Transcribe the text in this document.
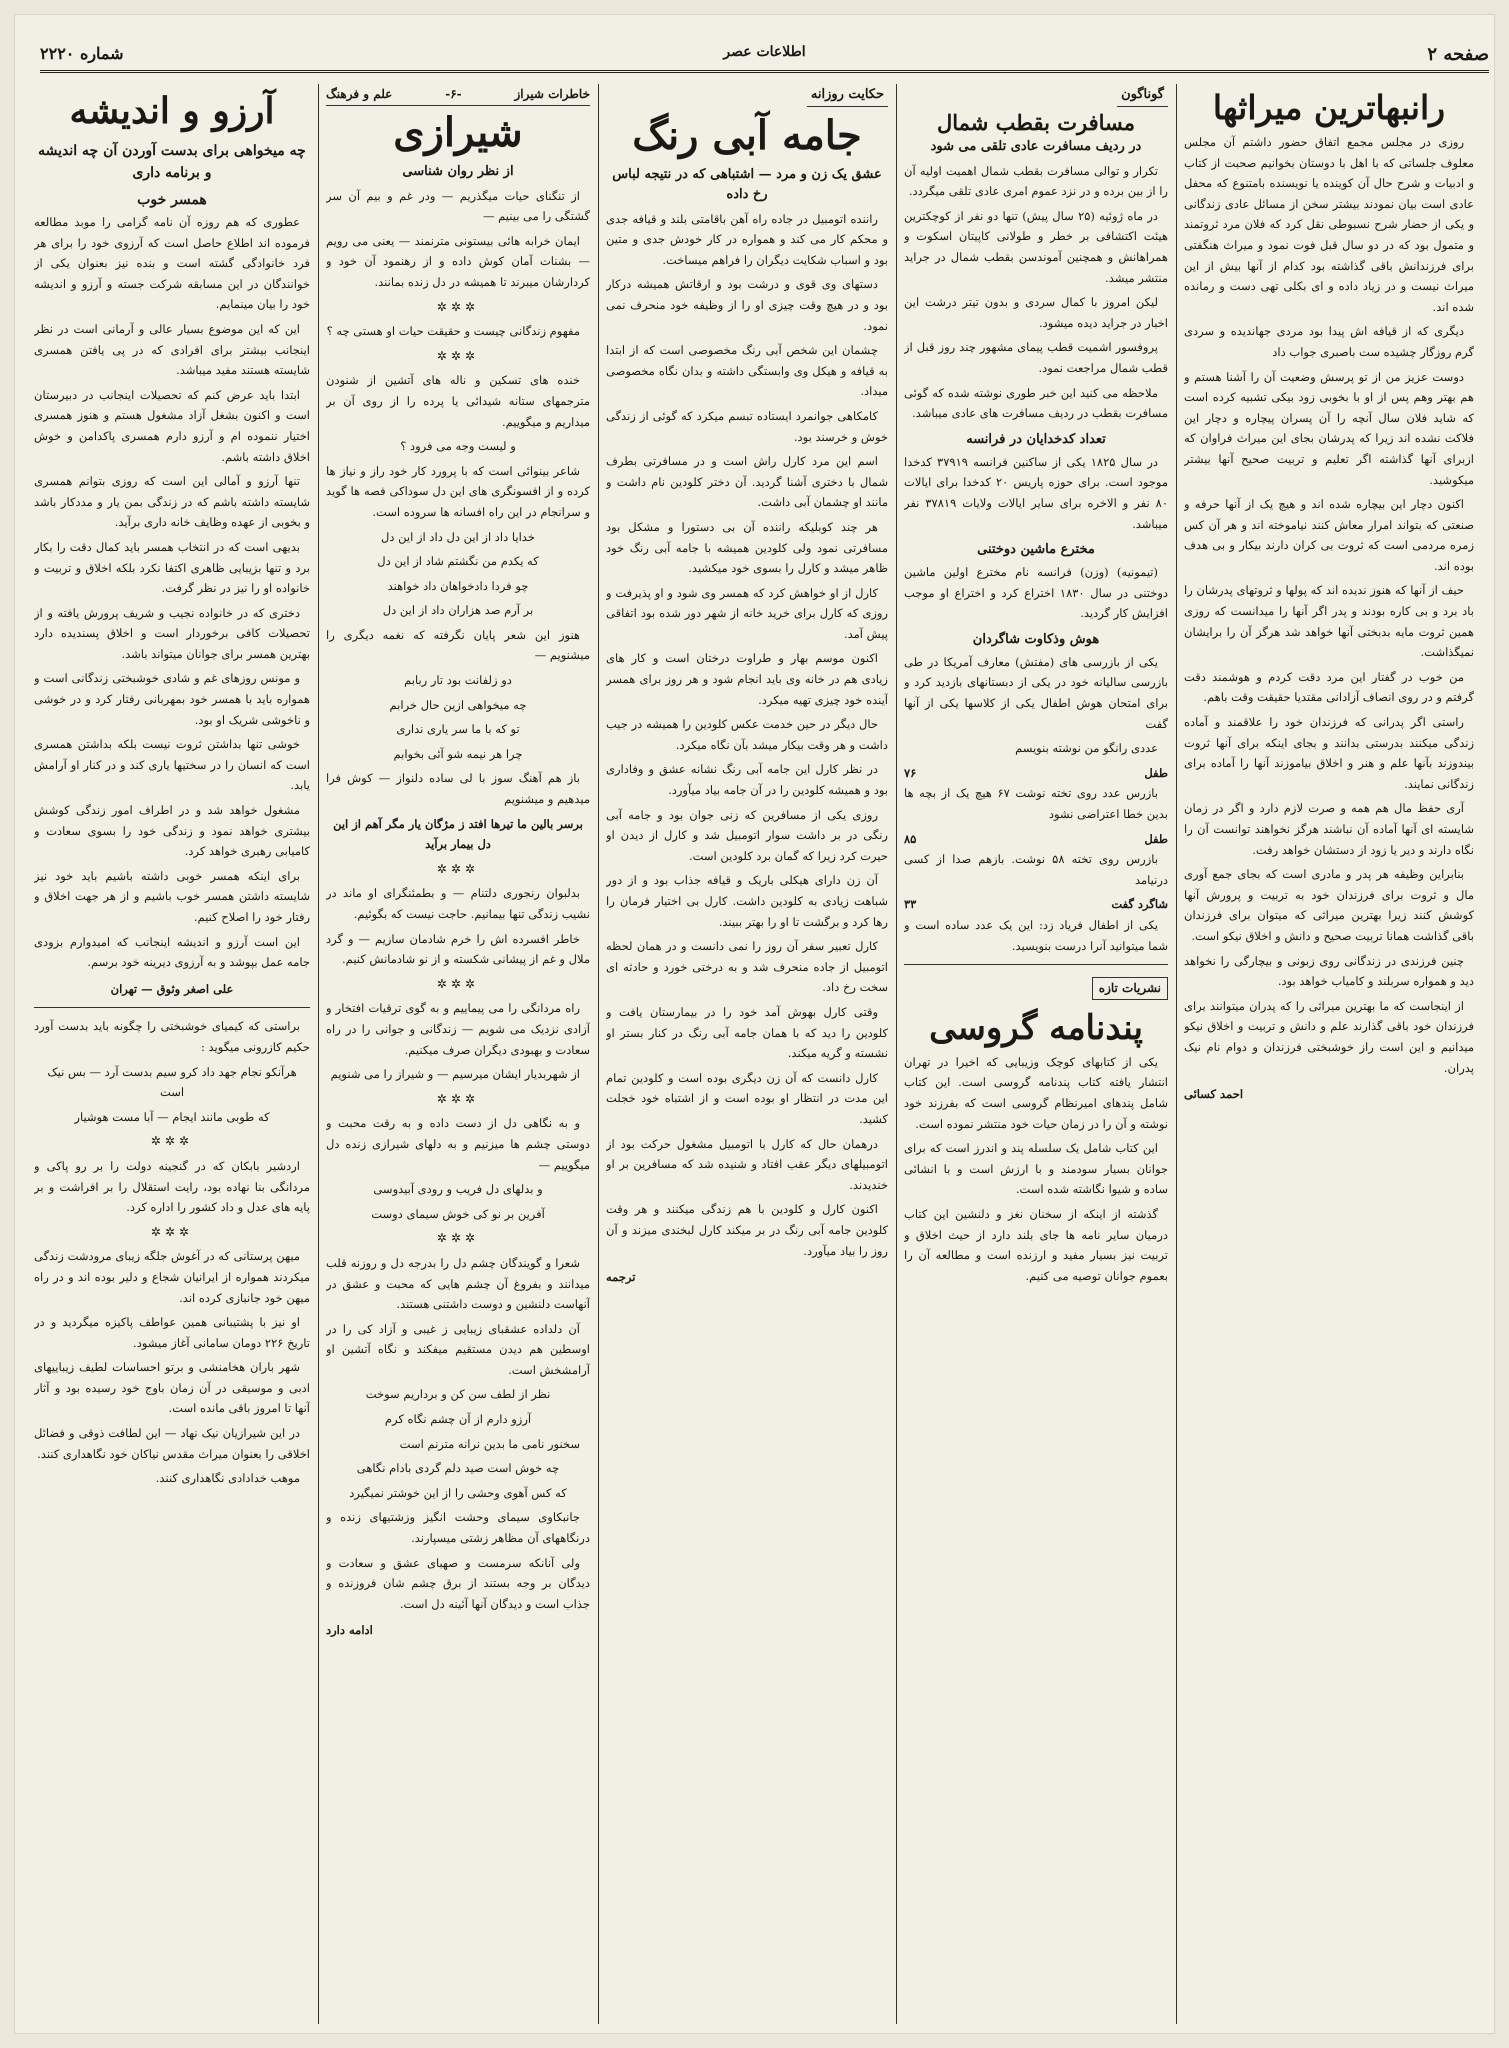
صفحه ۲
اطلاعات عصر
شماره ۲۲۲۰
رانبهاترین میراثها

روزی در مجلس مجمع اتفاق حضور داشتم آن مجلس معلوف جلساتی که با اهل با دوستان بخوانیم صحبت از کتاب و ادبیات و شرح حال آن کوینده یا نویسنده بامتنوع که محفل عادی است بیان نمودند بیشتر سخن از مسائل عادی زندگانی و یکی از حضار شرح نسبوطی نقل کرد که فلان مرد ثروتمند و متمول بود که در دو سال قبل فوت نمود و میراث هنگفتی برای فرزندانش باقی گذاشته بود کدام از آنها بیش از این میراث نیست و در زیاد داده و ای بکلی تهی دست و رمانده شده اند.

دیگری که از قیافه اش پیدا بود مردی جهاندیده و سردی گرم روزگار چشیده ست باصبری جواب داد

دوست عزیز من از تو پرسش وضعیت آن را آشنا هستم و هم بهتر وهم پس از او با بخوبی زود بیکی تشبیه کرده است که شاید فلان سال آنچه را آن پسران پیچاره و دچار این فلاکت نشده اند زیرا که پدرشان بجای این میراث فراوان که ازبرای آنها گذاشته اگر تعلیم و تربیت صحیح آنها بیشتر میکوشید.

اکنون دچار این بیچاره شده اند و هیچ یک از آنها حرفه و صنعتی که بتواند امرار معاش کنند نیاموخته اند و هر آن کس زمره مردمی است که ثروت بی کران دارند بیکار و بی هدف بوده اند.

حیف از آنها که هنوز ندیده اند که پولها و ثروتهای پدرشان را باد برد و بی کاره بودند و پدر اگر آنها را میدانست که روزی همین ثروت مایه بدبختی آنها خواهد شد هرگز آن را برایشان نمیگذاشت.

من خوب در گفتار این مرد دقت کردم و هوشمند دقت گرفتم و در روی انصاف آزادانی مقتدیا حقیقت وقت باهم.

راستی اگر پدرانی که فرزندان خود را علاقمند و آماده زندگی میکنند بدرستی بدانند و بجای اینکه برای آنها ثروت بیندوزند بآنها علم و هنر و اخلاق بیاموزند آنها را آماده برای زندگانی نمایند.

آری حفظ مال هم همه و صرت لازم دارد و اگر در زمان شایسته ای آنها آماده آن نباشند هرگز نخواهند توانست آن را نگاه دارند و دیر یا زود از دستشان خواهد رفت.

بنابراین وظیفه هر پدر و مادری است که بجای جمع آوری مال و ثروت برای فرزندان خود به تربیت و پرورش آنها کوشش کنند زیرا بهترین میراثی که میتوان برای فرزندان باقی گذاشت همانا تربیت صحیح و دانش و اخلاق نیکو است.

چنین فرزندی در زندگانی روی زبونی و بیچارگی را نخواهد دید و همواره سربلند و کامیاب خواهد بود.

از اینجاست که ما بهترین میراثی را که پدران میتوانند برای فرزندان خود باقی گذارند علم و دانش و تربیت و اخلاق نیکو میدانیم و این است راز خوشبختی فرزندان و دوام نام نیک پدران.

احمد کسائی

گوناگون
مسافرت بقطب شمال
در ردیف مسافرت عادی تلقی می شود

تکرار و توالی مسافرت بقطب شمال اهمیت اولیه آن را از بین برده و در نزد عموم امری عادی تلقی میگردد.

در ماه ژوئیه (۲۵ سال پیش) تنها دو نفر از کوچکترین هیئت اکتشافی بر خطر و طولانی کاپیتان اسکوت و همراهانش و همچنین آموندسن بقطب شمال در جراید منتشر میشد.

لیکن امروز با کمال سردی و بدون تیتر درشت این اخبار در جراید دیده میشود.

پروفسور اشمیت قطب پیمای مشهور چند روز قبل از قطب شمال مراجعت نمود.

ملاحظه می کنید این خبر طوری نوشته شده که گوئی مسافرت بقطب در ردیف مسافرت های عادی میباشد.

تعداد کدخدایان در فرانسه

در سال ۱۸۲۵ یکی از ساکنین فرانسه ۳۷۹۱۹ کدخدا موجود است. برای حوزه پاریس ۲۰ کدخدا برای ایالات ۸۰ نفر و الاخره برای سایر ایالات ولایات ۳۷۸۱۹ نفر میباشد.

مخترع ماشین دوختنی

(تیمونیه) (وزن) فرانسه نام مخترع اولین ماشین دوختنی در سال ۱۸۳۰ اختراع کرد و اختراع او موجب افزایش کار گردید.

هوش وذکاوت شاگردان

یکی از بازرسی های (مفتش) معارف آمریکا در طی بازرسی سالیانه خود در یکی از دبستانهای بازدید کرد و برای امتحان هوش اطفال یکی از کلاسها یکی از آنها گفت

عددی رانگو من نوشته بنویسم

طفل
۷۶

بازرس عدد روی تخته نوشت ۶۷ هیچ یک از بچه ها بدین خطا اعتراضی نشود

طفل
۸۵

بازرس روی تخته ۵۸ نوشت. بازهم صدا از کسی درنیامد

شاگرد گفت
۳۳

یکی از اطفال فریاد زد: این یک عدد ساده است و شما میتوانید آنرا درست بنویسید.

نشریات تازه
پندنامه گروسی

یکی از کتابهای کوچک وزیبایی که اخیرا در تهران انتشار یافته کتاب پندنامه گروسی است. این کتاب شامل پندهای امیرنظام گروسی است که بفرزند خود نوشته و آن را در زمان حیات خود منتشر نموده است.

این کتاب شامل یک سلسله پند و اندرز است که برای جوانان بسیار سودمند و با ارزش است و با انشائی ساده و شیوا نگاشته شده است.

گذشته از اینکه از سخنان نغز و دلنشین این کتاب درمیان سایر نامه ها جای بلند دارد از حیث اخلاق و تربیت نیز بسیار مفید و ارزنده است و مطالعه آن را بعموم جوانان توصیه می کنیم.

حکایت روزانه
جامه آبی رنگ
عشق یک زن و مرد — اشتباهی که در نتیجه لباس رخ داده

راننده اتومبیل در جاده راه آهن باقامتی بلند و قیافه جدی و محکم کار می کند و همواره در کار خودش جدی و متین بود و اسباب شکایت دیگران را فراهم میساخت.

دستهای وی قوی و درشت بود و ارقاتش همیشه درکار بود و در هیچ وقت چیزی او را از وظیفه خود منحرف نمی نمود.

چشمان این شخص آبی رنگ مخصوصی است که از ابتدا به قیافه و هیکل وی وابستگی داشته و بدان نگاه مخصوصی میداد.

کامکاهی جوانمرد ایستاده تبسم میکرد که گوئی از زندگی خوش و خرسند بود.

اسم این مرد کارل راش است و در مسافرتی بطرف شمال با دختری آشنا گردید. آن دختر کلودین نام داشت و مانند او چشمان آبی داشت.

هر چند کوبلیکه راننده آن بی دستورا و مشکل بود مسافرتی نمود ولی کلودین همیشه با جامه آبی رنگ خود ظاهر میشد و کارل را بسوی خود میکشید.

کارل از او خواهش کرد که همسر وی شود و او پذیرفت و روزی که کارل برای خرید خانه از شهر دور شده بود اتفاقی پیش آمد.

اکنون موسم بهار و طراوت درختان است و کار های زیادی هم در خانه وی باید انجام شود و هر روز برای همسر آینده خود چیزی تهیه میکرد.

حال دیگر در حین خدمت عکس کلودین را همیشه در جیب داشت و هر وقت بیکار میشد بآن نگاه میکرد.

در نظر کارل این جامه آبی رنگ نشانه عشق و وفاداری بود و همیشه کلودین را در آن جامه بیاد میآورد.

روزی یکی از مسافرین که زنی جوان بود و جامه آبی رنگی در بر داشت سوار اتومبیل شد و کارل از دیدن او حیرت کرد زیرا که گمان برد کلودین است.

آن زن دارای هیکلی باریک و قیافه جذاب بود و از دور شباهت زیادی به کلودین داشت. کارل بی اختیار فرمان را رها کرد و برگشت تا او را بهتر ببیند.

کارل تعبیر سفر آن روز را نمی دانست و در همان لحظه اتومبیل از جاده منحرف شد و به درختی خورد و حادثه ای سخت رخ داد.

وقتی کارل بهوش آمد خود را در بیمارستان یافت و کلودین را دید که با همان جامه آبی رنگ در کنار بستر او نشسته و گریه میکند.

کارل دانست که آن زن دیگری بوده است و کلودین تمام این مدت در انتظار او بوده است و از اشتباه خود خجلت کشید.

درهمان حال که کارل با اتومبیل مشغول حرکت بود از اتومبیلهای دیگر عقب افتاد و شنیده شد که مسافرین بر او خندیدند.

اکنون کارل و کلودین با هم زندگی میکنند و هر وقت کلودین جامه آبی رنگ در بر میکند کارل لبخندی میزند و آن روز را بیاد میآورد.

ترجمه

خاطرات شیراز
-۶-
علم و فرهنگ
شیرازی
از نظر روان شناسی

از تنگنای حیات میگذریم — ودر غم و بیم آن سر گشتگی را می بینیم —

ایمان خرابه هائی بیستونی مترنمند — یعنی می رویم — بشنات آمان کوش داده و از رهنمود آن خود و کردارشان میبرند تا همیشه در دل زنده بمانند.

✲✲✲

مفهوم زندگانی چیست و حقیقت حیات او هستی چه ؟

✲✲✲

خنده های تسکین و ناله های آتشین از شنودن مترجمهای ستانه شیدائی یا پرده را از روی آن بر میداریم و میگوییم.

و لیست وجه می فرود ؟

شاعر بینوائی است که با پرورد کار خود راز و نیاز ها کرده و از افسونگری های این دل سوداکی فصه ها گوید و سرانجام در این راه افسانه ها سروده است.

خدایا داد از این دل داد از این دل

که یکدم من نگشتم شاد از این دل

چو فردا دادخواهان داد خواهند

بر آرم صد هزاران داد از این دل

هنوز این شعر پایان نگرفته که نغمه دیگری را میشنویم —

دو زلفانت بود تار ربابم

چه میخواهی ازین حال خرابم

تو که با ما سر یاری نداری

چرا هر نیمه شو آئی بخوابم

باز هم آهنگ سوز با لی ساده دلنواز — کوش فرا میدهیم و میشنویم

برسر بالین ما تیرها افتد ز مژگان یار مگر آهم از این دل بیمار برآید

✲✲✲

بدلبوان رنجوری دلتنام — و بطمئنگرای او ماند در نشیب زندگی تنها بیمانیم. حاجت نیست که بگوئیم.

خاطر افسرده اش را خرم شادمان سازیم — و گرد ملال و غم از پیشانی شکسته و از نو شادمانش کنیم.

✲✲✲

راه مردانگی را می پیماییم و به گوی ترقیات افتخار و آزادی نزدیک می شویم — زندگانی و جوانی را در راه سعادت و بهبودی دیگران صرف میکنیم.

از شهربدیار ایشان میرسیم — و شیراز را می شنویم

✲✲✲

و به نگاهی دل از دست داده و به رقت محبت و دوستی چشم ها میزنیم و به دلهای شیرازی زنده دل میگوییم —

و بدلهای دل فریب و رودی آبیدوسی

آفرین بر نو کی خوش سیمای دوست

✲✲✲

شعرا و گویندگان چشم دل را بدرجه دل و روزنه قلب میدانند و بفروغ آن چشم هایی که محبت و عشق در آنهاست دلنشین و دوست داشتنی هستند.

آن دلداده عشقبای زیبایی ز غیبی و آزاد کی را در اوسطین هم دیدن مستقیم میفکند و نگاه آتشین او آرامشخش است.

نظر از لطف سن کن و برداریم سوخت

آرزو دارم از آن چشم نگاه کرم

سخنور نامی ما بدین نرانه مترنم است

چه خوش است صید دلم گردی بادام نگاهی

که کس آهوی وحشی را از این خوشتر نمیگیرد

جانبکاوی سیمای وحشت انگیز وزشتیهای زنده و درنگاههای آن مظاهر زشتی میسپارند.

ولی آنانکه سرمست و صهبای عشق و سعادت و دیدگان بر وجه بستند از برق چشم شان فروزنده و جذاب است و دیدگان آنها آئینه دل است.

ادامه دارد

آرزو و اندیشه
چه میخواهی برای بدست آوردن آن چه اندیشه و برنامه داری
همسر خوب

عطوری که هم روزه آن نامه گرامی را موبد مطالعه فرموده اند اطلاع حاصل است که آرزوی خود را برای هر فرد خانوادگی گشته است و بنده نیز بعنوان یکی از خوانندگان در این مسابقه شرکت جسته و آرزو و اندیشه خود را بیان مینمایم.

این که این موضوع بسیار عالی و آرمانی است در نظر اینجانب بیشتر برای افرادی که در پی یافتن همسری شایسته هستند مفید میباشد.

ابتدا باید عرض کنم که تحصیلات اینجانب در دبیرستان است و اکنون بشغل آزاد مشغول هستم و هنوز همسری اختیار ننموده ام و آرزو دارم همسری پاکدامن و خوش اخلاق داشته باشم.

تنها آرزو و آمالی این است که روزی بتوانم همسری شایسته داشته باشم که در زندگی بمن یار و مددکار باشد و بخوبی از عهده وظایف خانه داری برآید.

بدیهی است که در انتخاب همسر باید کمال دقت را بکار برد و تنها بزیبایی ظاهری اکتفا نکرد بلکه اخلاق و تربیت و خانواده او را نیز در نظر گرفت.

دختری که در خانواده نجیب و شریف پرورش یافته و از تحصیلات کافی برخوردار است و اخلاق پسندیده دارد بهترین همسر برای جوانان میتواند باشد.

و مونس روزهای غم و شادی خوشبختی زندگانی است و همواره باید با همسر خود بمهربانی رفتار کرد و در خوشی و ناخوشی شریک او بود.

خوشی تنها بداشتن ثروت نیست بلکه بداشتن همسری است که انسان را در سختیها یاری کند و در کنار او آرامش یابد.

مشغول خواهد شد و در اطراف امور زندگی کوشش بیشتری خواهد نمود و زندگی خود را بسوی سعادت و کامیابی رهبری خواهد کرد.

برای اینکه همسر خوبی داشته باشیم باید خود نیز شایسته داشتن همسر خوب باشیم و از هر جهت اخلاق و رفتار خود را اصلاح کنیم.

این است آرزو و اندیشه اینجانب که امیدوارم بزودی جامه عمل بپوشد و به آرزوی دیرینه خود برسم.

علی اصغر وثوق — تهران

براستی که کیمیای خوشبختی را چگونه باید بدست آورد حکیم کازرونی میگوید :

هرآنکو نجام جهد داد کرو سیم بدست آرد — بس نیک است

که طوبی مانند ایجام — آبا مست هوشیار

✲✲✲

اردشیر بابکان که در گنجینه دولت را بر رو پاکی و مردانگی بنا نهاده بود، رایت استقلال را بر افراشت و بر پایه های عدل و داد کشور را اداره کرد.

✲✲✲

میهن پرستانی که در آغوش جلگه زیبای مرودشت زندگی میکردند همواره از ایرانیان شجاع و دلیر بوده اند و در راه میهن خود جانبازی کرده اند.

او نیز با پشتیبانی همین عواطف پاکیزه میگردید و در تاریخ ۲۲۶ دومان سامانی آغاز میشود.

شهر باران هخامنشی و برتو احساسات لطیف زیباییهای ادبی و موسیقی در آن زمان باوج خود رسیده بود و آثار آنها تا امروز باقی مانده است.

در این شیرازیان نیک نهاد — این لطافت ذوقی و فضائل اخلاقی را بعنوان میراث مقدس نیاکان خود نگاهداری کنند.

موهب خدادادی نگاهداری کنند.
